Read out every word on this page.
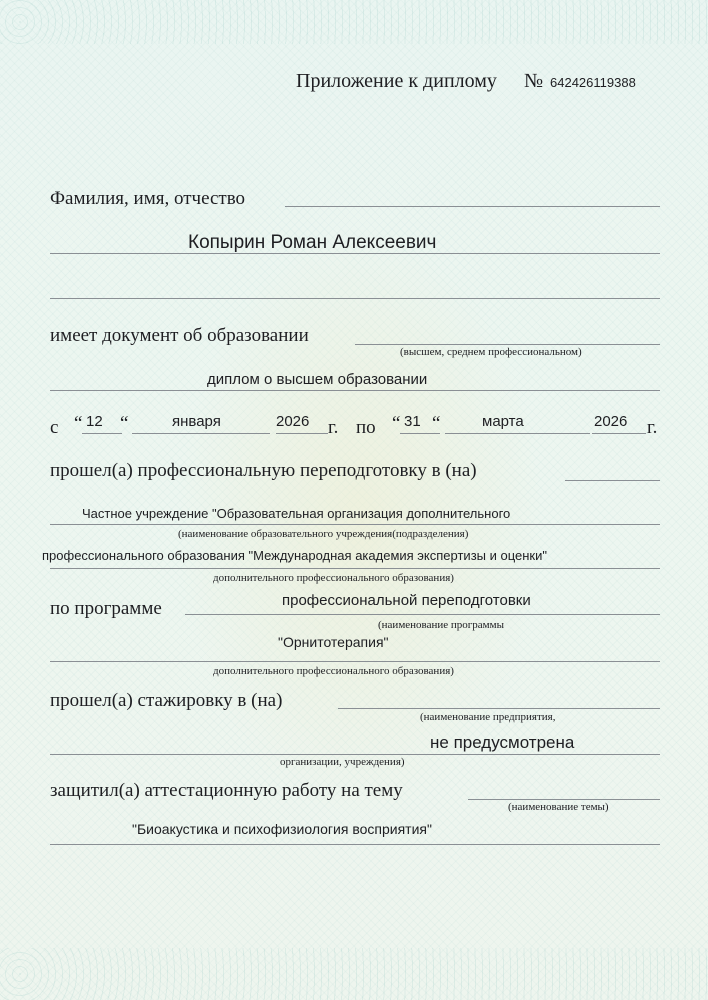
Приложение к диплому № 642426119388
Фамилия, имя, отчество
Копырин Роман Алексеевич
имеет документ об образовании
(высшем, среднем профессиональном)
диплом о высшем образовании
с “ 12 “	января	2026 г. по “ 31 “	марта	2026 г.
прошел(а) профессиональную переподготовку в (на)
Частное учреждение "Образовательная организация дополнительного
(наименование образовательного учреждения(подразделения)
профессионального образования "Международная академия экспертизы и оценки"
дополнительного профессионального образования)
по программе	профессиональной переподготовки
(наименование программы
"Орнитотерапия"
дополнительного профессионального образования)
прошел(а) стажировку в (на)
(наименование предприятия,
не предусмотрена
организации, учреждения)
защитил(а) аттестационную работу на тему
(наименование темы)
"Биоакустика и психофизиология восприятия"
